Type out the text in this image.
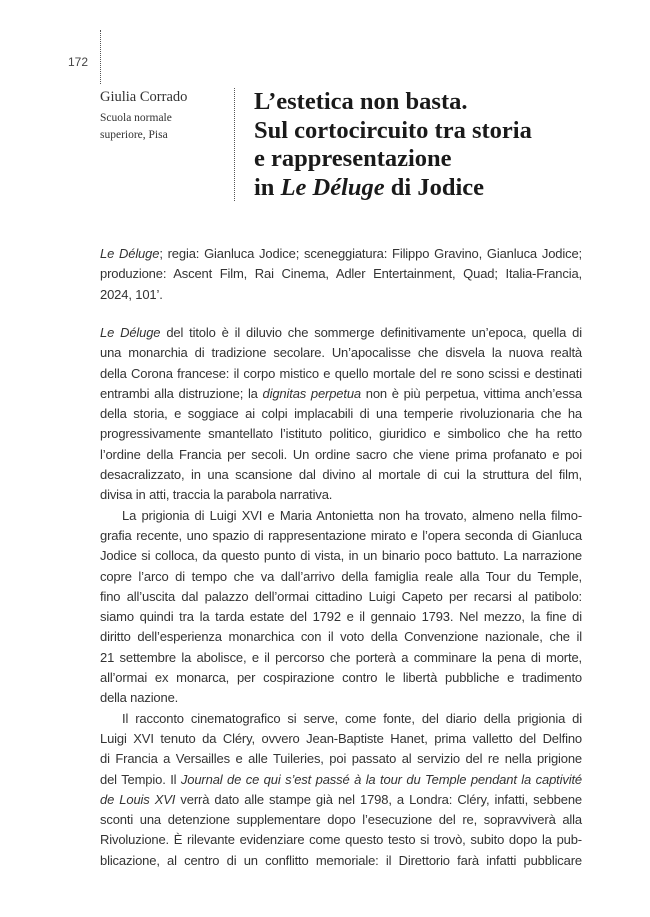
172
Giulia Corrado
Scuola normale
superiore, Pisa
L’estetica non basta.
Sul cortocircuito tra storia
e rappresentazione
in Le Déluge di Jodice
Le Déluge; regia: Gianluca Jodice; sceneggiatura: Filippo Gravino, Gianluca Jodice;
produzione: Ascent Film, Rai Cinema, Adler Entertainment, Quad; Italia-Francia,
2024, 101’.

Le Déluge del titolo è il diluvio che sommerge definitivamente un’epoca, quella di
una monarchia di tradizione secolare. Un’apocalisse che disvela la nuova realtà
della Corona francese: il corpo mistico e quello mortale del re sono scissi e destinati
entrambi alla distruzione; la dignitas perpetua non è più perpetua, vittima anch’essa
della storia, e soggiace ai colpi implacabili di una temperie rivoluzionaria che ha
progressivamente smantellato l’istituto politico, giuridico e simbolico che ha retto
l’ordine della Francia per secoli. Un ordine sacro che viene prima profanato e poi
desacralizzato, in una scansione dal divino al mortale di cui la struttura del film,
divisa in atti, traccia la parabola narrativa.

La prigionia di Luigi XVI e Maria Antonietta non ha trovato, almeno nella filmo-
grafia recente, uno spazio di rappresentazione mirato e l’opera seconda di Gianluca
Jodice si colloca, da questo punto di vista, in un binario poco battuto. La narrazione
copre l’arco di tempo che va dall’arrivo della famiglia reale alla Tour du Temple,
fino all’uscita dal palazzo dell’ormai cittadino Luigi Capeto per recarsi al patibolo:
siamo quindi tra la tarda estate del 1792 e il gennaio 1793. Nel mezzo, la fine di
diritto dell’esperienza monarchica con il voto della Convenzione nazionale, che il
21 settembre la abolisce, e il percorso che porterà a comminare la pena di morte,
all’ormai ex monarca, per cospirazione contro le libertà pubbliche e tradimento
della nazione.

Il racconto cinematografico si serve, come fonte, del diario della prigionia di
Luigi XVI tenuto da Cléry, ovvero Jean-Baptiste Hanet, prima valletto del Delfino
di Francia a Versailles e alle Tuileries, poi passato al servizio del re nella prigione
del Tempio. Il Journal de ce qui s’est passé à la tour du Temple pendant la captivité
de Louis XVI verrà dato alle stampe già nel 1798, a Londra: Cléry, infatti, sebbene
sconti una detenzione supplementare dopo l’esecuzione del re, sopravviverà alla
Rivoluzione. È rilevante evidenziare come questo testo si trovò, subito dopo la pub-
blicazione, al centro di un conflitto memoriale: il Direttorio farà infatti pubblicare
